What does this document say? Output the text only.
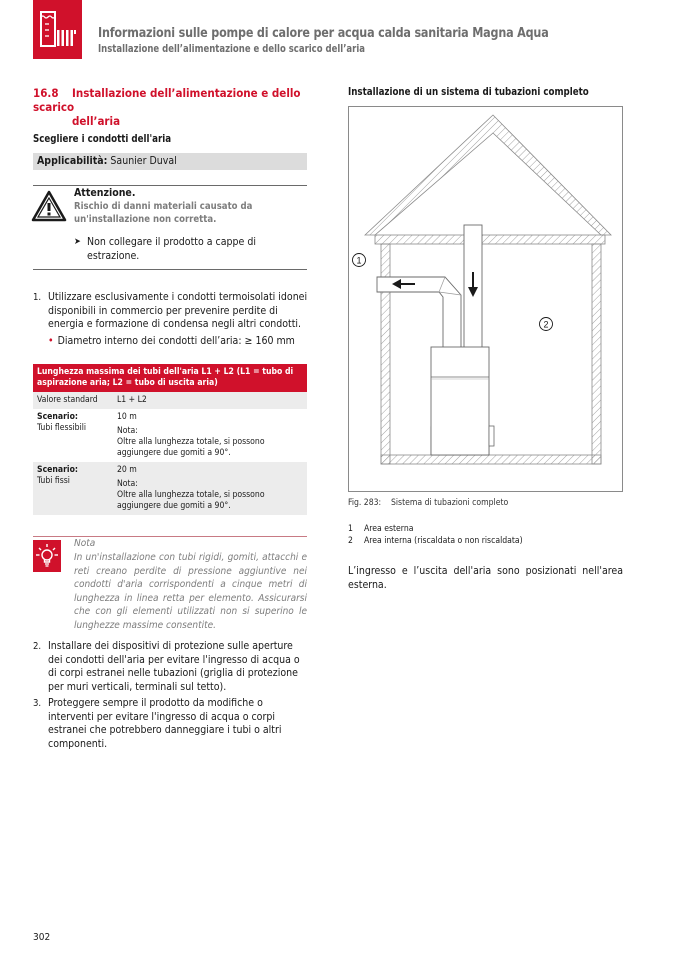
Informazioni sulle pompe di calore per acqua calda sanitaria Magna Aqua
Installazione dell’alimentazione e dello scarico dell’aria
16.8 Installazione dell’alimentazione e dello scarico
dell’aria
Scegliere i condotti dell'aria
Applicabilità: Saunier Duval
Attenzione.
Rischio di danni materiali causato da un'installazione non corretta.
➤ Non collegare il prodotto a cappe di estrazione.
1. Utilizzare esclusivamente i condotti termoisolati idonei disponibili in commercio per prevenire perdite di energia e formazione di condensa negli altri condotti.
• Diametro interno dei condotti dell’aria: ≥ 160 mm
Lunghezza massima dei tubi dell'aria L1 + L2 (L1 = tubo di aspirazione aria; L2 = tubo di uscita aria)
Valore standard	L1 + L2
Scenario:
Tubi flessibili
10 m
Nota:
Oltre alla lunghezza totale, si possono aggiungere due gomiti a 90°.
Scenario:
Tubi fissi
20 m
Nota:
Oltre alla lunghezza totale, si possono aggiungere due gomiti a 90°.
Nota
In un'installazione con tubi rigidi, gomiti, attacchi e reti creano perdite di pressione aggiuntive nei condotti d'aria corrispondenti a cinque metri di lunghezza in linea retta per elemento. Assicurarsi che con gli elementi utilizzati non si superino le lunghezze massime consentite.
2. Installare dei dispositivi di protezione sulle aperture dei condotti dell'aria per evitare l'ingresso di acqua o di corpi estranei nelle tubazioni (griglia di protezione per muri verticali, terminali sul tetto).
3. Proteggere sempre il prodotto da modifiche o interventi per evitare l'ingresso di acqua o corpi estranei che potrebbero danneggiare i tubi o altri componenti.
Installazione di un sistema di tubazioni completo
1
2
Fig. 283: Sistema di tubazioni completo
1 Area esterna
2 Area interna (riscaldata o non riscaldata)
L’ingresso e l’uscita dell'aria sono posizionati nell'area esterna.
302
